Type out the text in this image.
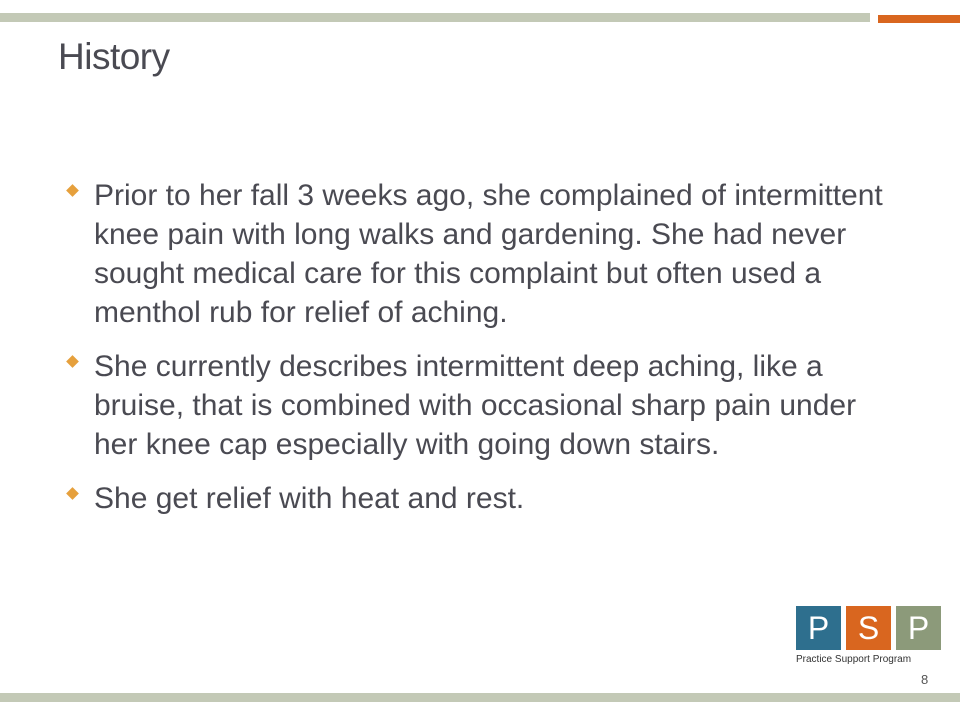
History
Prior to her fall 3 weeks ago, she complained of intermittent knee pain with long walks and gardening. She had never sought medical care for this complaint but often used a menthol rub for relief of aching.
She currently describes intermittent deep aching, like a bruise, that is combined with occasional sharp pain under her knee cap especially with going down stairs.
She get relief with heat and rest.
P S P
Practice Support Program
8
